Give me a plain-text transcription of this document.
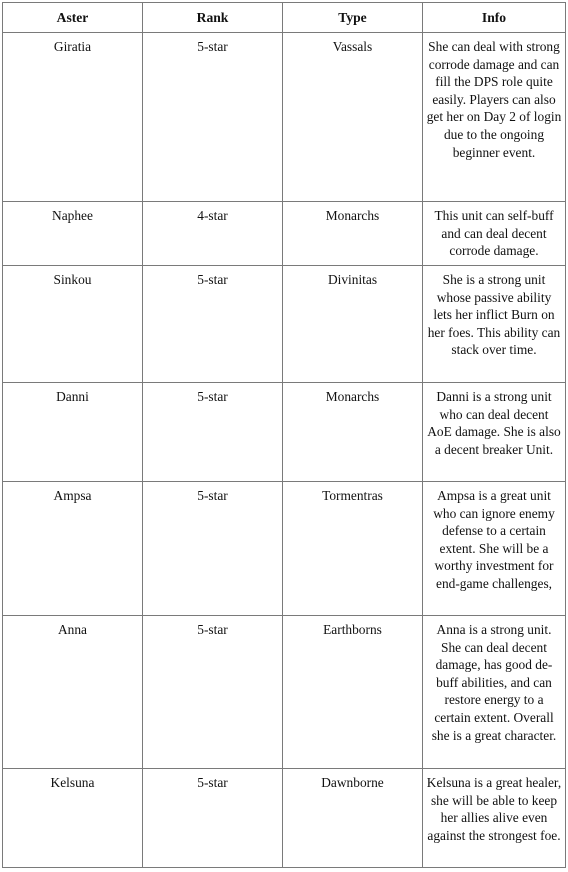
Aster	Rank	Type	Info
Giratia	5-star	Vassals	She can deal with strong corrode damage and can fill the DPS role quite easily. Players can also get her on Day 2 of login due to the ongoing beginner event.
Naphee	4-star	Monarchs	This unit can self-buff and can deal decent corrode damage.
Sinkou	5-star	Divinitas	She is a strong unit whose passive ability lets her inflict Burn on her foes. This ability can stack over time.
Danni	5-star	Monarchs	Danni is a strong unit who can deal decent AoE damage. She is also a decent breaker Unit.
Ampsa	5-star	Tormentras	Ampsa is a great unit who can ignore enemy defense to a certain extent. She will be a worthy investment for end-game challenges,
Anna	5-star	Earthborns	Anna is a strong unit. She can deal decent damage, has good de-buff abilities, and can restore energy to a certain extent. Overall she is a great character.
Kelsuna	5-star	Dawnborne	Kelsuna is a great healer, she will be able to keep her allies alive even against the strongest foe.
